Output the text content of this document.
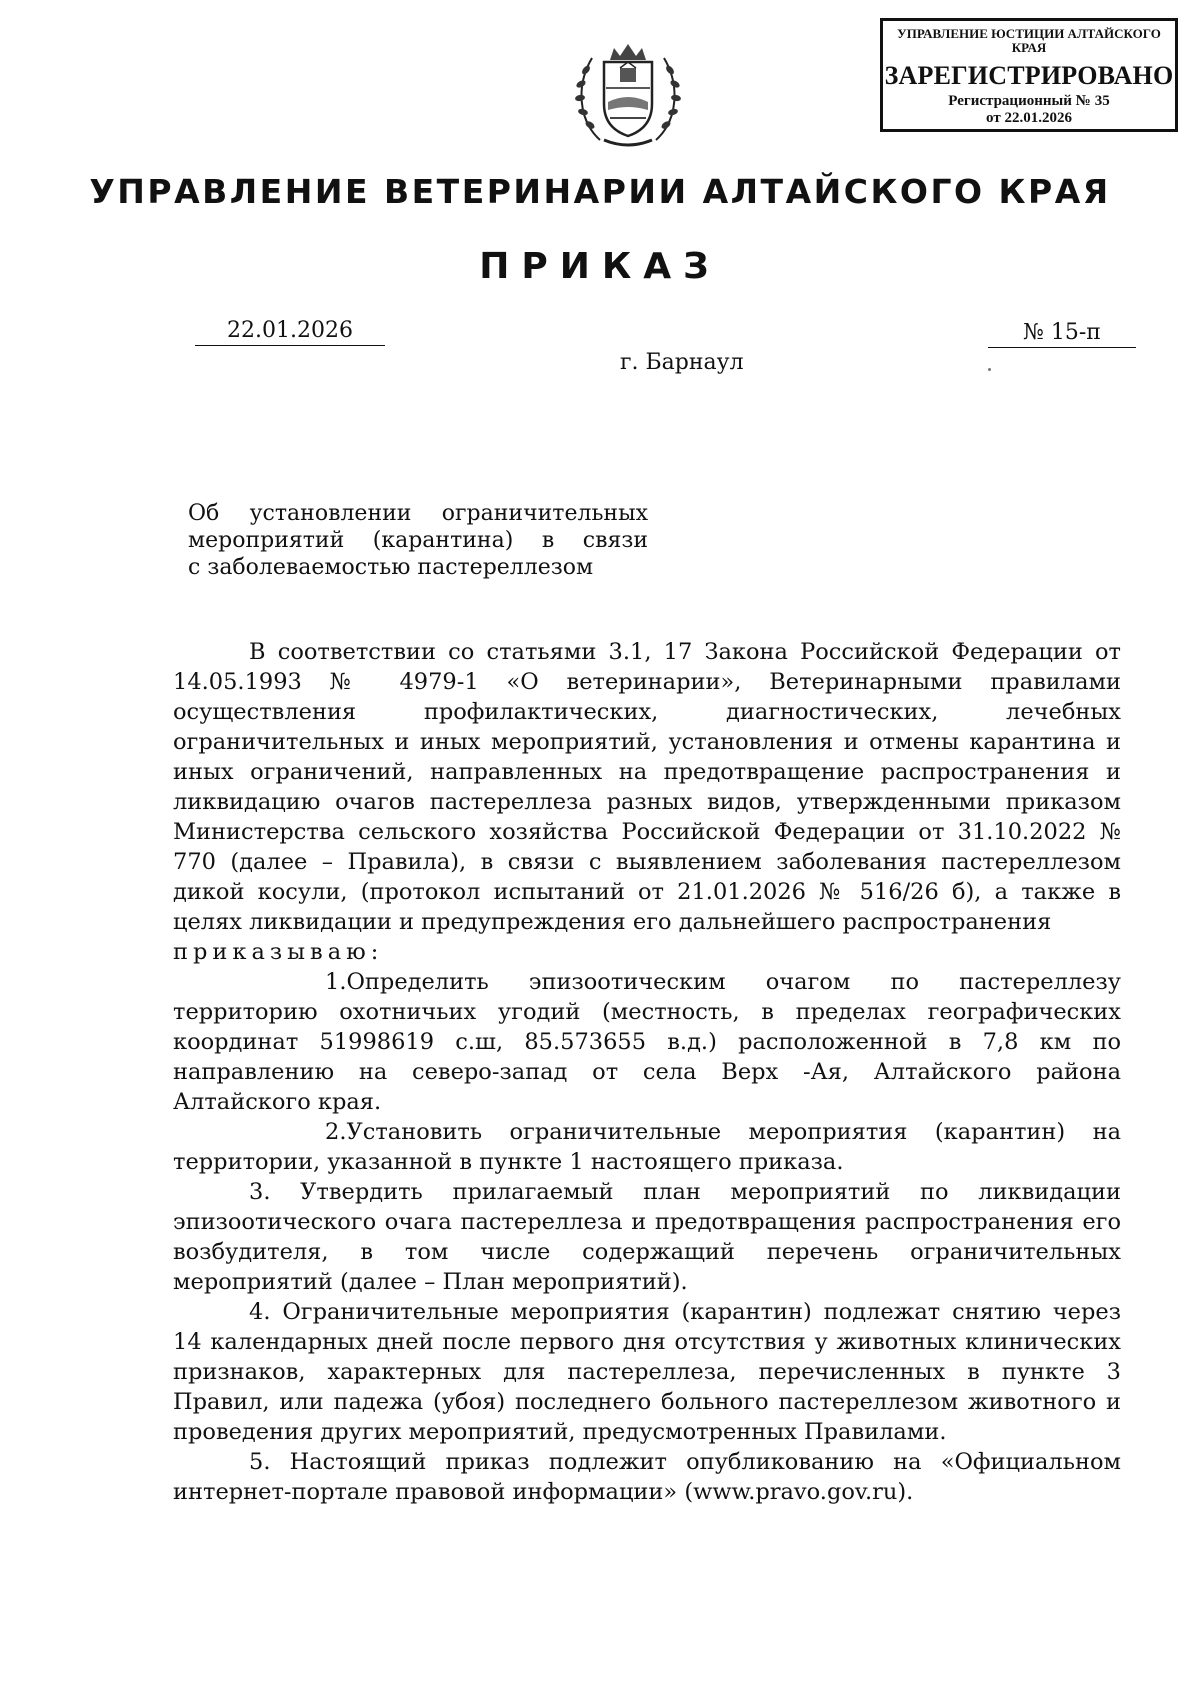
УПРАВЛЕНИЕ ЮСТИЦИИ АЛТАЙСКОГО КРАЯ
ЗАРЕГИСТРИРОВАНО
Регистрационный № 35
от 22.01.2026
УПРАВЛЕНИЕ ВЕТЕРИНАРИИ АЛТАЙСКОГО КРАЯ
ПРИКАЗ
22.01.2026	№ 15-п
г. Барнаул
Об установлении ограничительных
мероприятий (карантина) в связи
с заболеваемостью пастереллезом

В соответствии со статьями 3.1, 17 Закона Российской Федерации от 14.05.1993 № 4979-1 «О ветеринарии», Ветеринарными правилами осуществления профилактических, диагностических, лечебных ограничительных и иных мероприятий, установления и отмены карантина и иных ограничений, направленных на предотвращение распространения и ликвидацию очагов пастереллеза разных видов, утвержденными приказом Министерства сельского хозяйства Российской Федерации от 31.10.2022 № 770 (далее – Правила), в связи с выявлением заболевания пастереллезом дикой косули, (протокол испытаний от 21.01.2026 № 516/26 б), а также в целях ликвидации и предупреждения его дальнейшего распространения

приказываю:

1.Определить эпизоотическим очагом по пастереллезу территорию охотничьих угодий (местность, в пределах географических координат 51998619 с.ш, 85.573655 в.д.) расположенной в 7,8 км по направлению на северо-запад от села Верх -Ая, Алтайского района Алтайского края.

2.Установить ограничительные мероприятия (карантин) на территории, указанной в пункте 1 настоящего приказа.

3. Утвердить прилагаемый план мероприятий по ликвидации эпизоотического очага пастереллеза и предотвращения распространения его возбудителя, в том числе содержащий перечень ограничительных мероприятий (далее – План мероприятий).

4. Ограничительные мероприятия (карантин) подлежат снятию через 14 календарных дней после первого дня отсутствия у животных клинических признаков, характерных для пастереллеза, перечисленных в пункте 3 Правил, или падежа (убоя) последнего больного пастереллезом животного и проведения других мероприятий, предусмотренных Правилами.

5. Настоящий приказ подлежит опубликованию на «Официальном интернет-портале правовой информации» (www.pravo.gov.ru).
